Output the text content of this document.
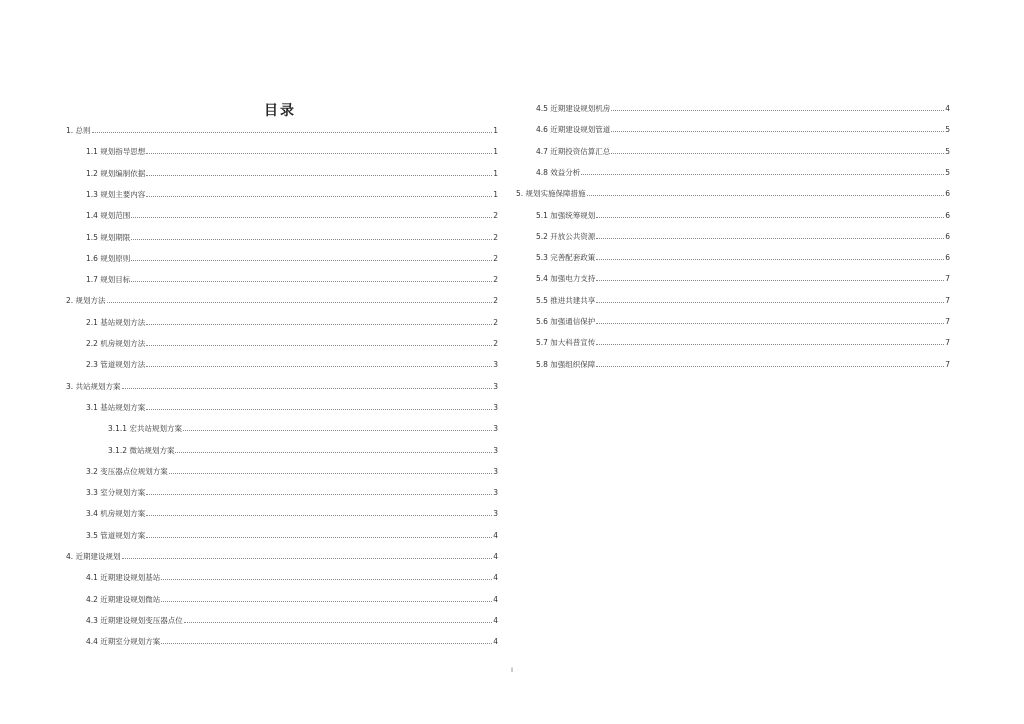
目录
1. 总则	1
1.1 规划指导思想	1
1.2 规划编制依据	1
1.3 规划主要内容	1
1.4 规划范围	2
1.5 规划期限	2
1.6 规划原则	2
1.7 规划目标	2
2. 规划方法	2
2.1 基站规划方法	2
2.2 机房规划方法	2
2.3 管道规划方法	3
3. 共站规划方案	3
3.1 基站规划方案	3
3.1.1 宏共站规划方案	3
3.1.2 微站规划方案	3
3.2 变压器点位规划方案	3
3.3 室分规划方案	3
3.4 机房规划方案	3
3.5 管道规划方案	4
4. 近期建设规划	4
4.1 近期建设规划基站	4
4.2 近期建设规划微站	4
4.3 近期建设规划变压器点位	4
4.4 近期室分规划方案	4
4.5 近期建设规划机房	4
4.6 近期建设规划管道	5
4.7 近期投资估算汇总	5
4.8 效益分析	5
5. 规划实施保障措施	6
5.1 加强统筹规划	6
5.2 开放公共资源	6
5.3 完善配套政策	6
5.4 加强电力支持	7
5.5 推进共建共享	7
5.6 加强通信保护	7
5.7 加大科普宣传	7
5.8 加强组织保障	7
I
